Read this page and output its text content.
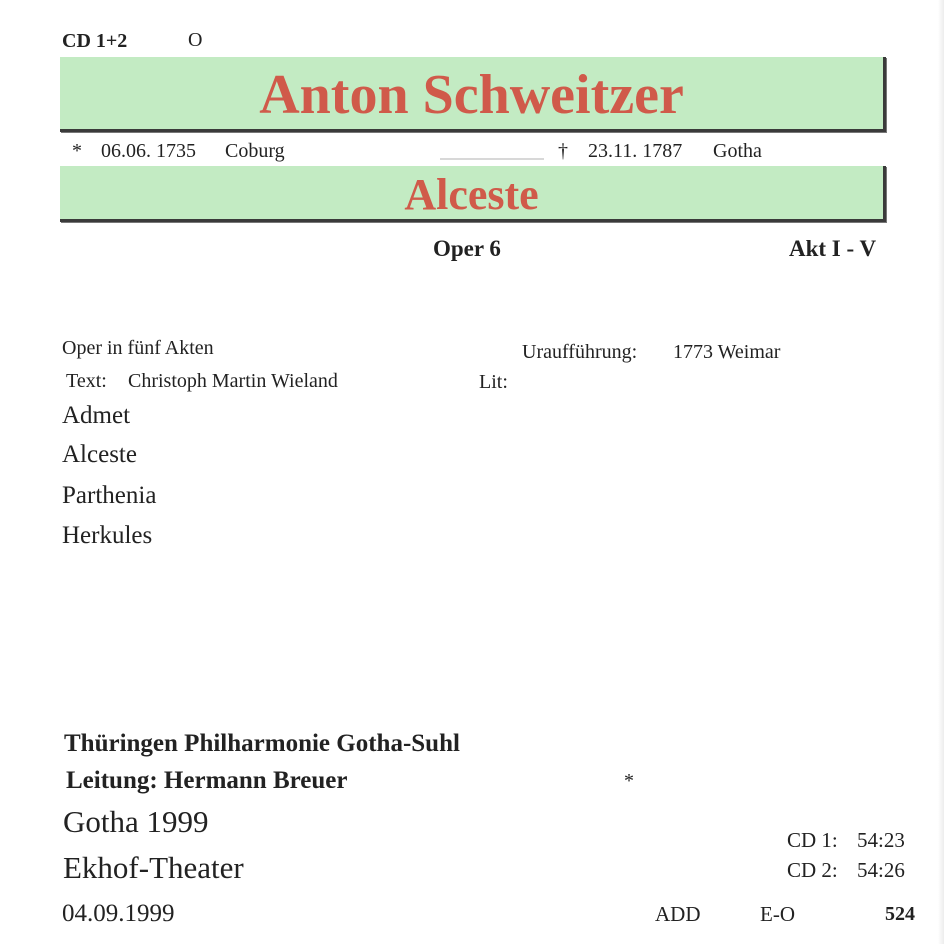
CD 1+2	O
Anton Schweitzer
* 06.06. 1735 Coburg	† 23.11. 1787 Gotha
Alceste
Oper 6	Akt I - V
Oper in fünf Akten	Uraufführung: 1773 Weimar
Text: Christoph Martin Wieland	Lit:
Admet
Alceste
Parthenia
Herkules
Thüringen Philharmonie Gotha-Suhl
Leitung: Hermann Breuer	*
Gotha 1999
Ekhof-Theater
04.09.1999
CD 1: 54:23
CD 2: 54:26
ADD	E-O	524
